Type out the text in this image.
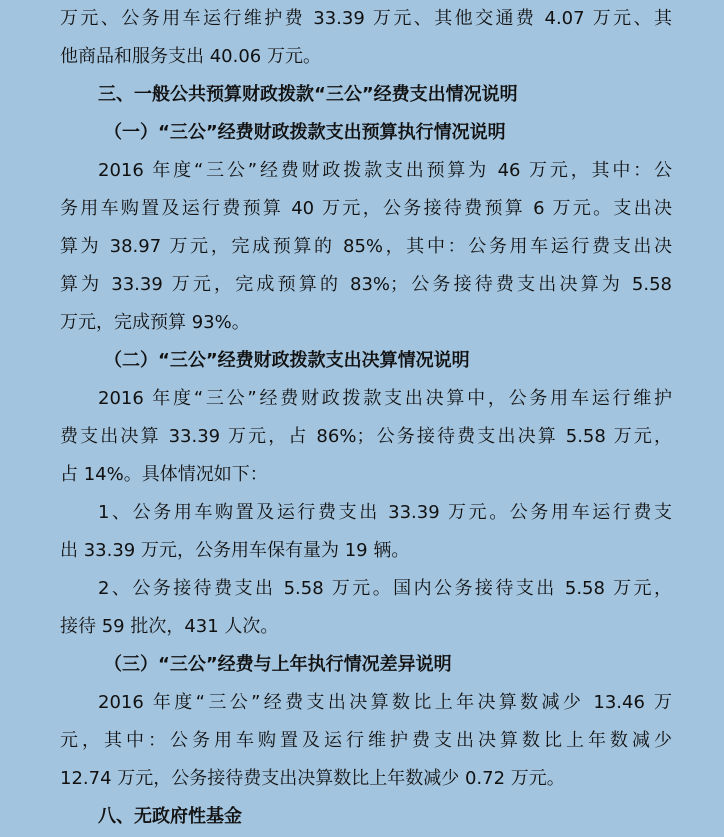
万元、公务用车运行维护费 33.39 万元、其他交通费 4.07 万元、其
他商品和服务支出 40.06 万元。
三、一般公共预算财政拨款“三公”经费支出情况说明
（一）“三公”经费财政拨款支出预算执行情况说明
2016 年度“三公”经费财政拨款支出预算为 46 万元，其中：公
务用车购置及运行费预算 40 万元，公务接待费预算 6 万元。支出决
算为 38.97 万元，完成预算的 85%，其中：公务用车运行费支出决
算为 33.39 万元，完成预算的 83%；公务接待费支出决算为 5.58
万元，完成预算 93%。
（二）“三公”经费财政拨款支出决算情况说明
2016 年度“三公”经费财政拨款支出决算中，公务用车运行维护
费支出决算 33.39 万元，占 86%；公务接待费支出决算 5.58 万元，
占 14%。具体情况如下：
1、公务用车购置及运行费支出 33.39 万元。公务用车运行费支
出 33.39 万元，公务用车保有量为 19 辆。
2、公务接待费支出 5.58 万元。国内公务接待支出 5.58 万元，
接待 59 批次，431 人次。
（三）“三公”经费与上年执行情况差异说明
2016 年度“三公”经费支出决算数比上年决算数减少 13.46 万
元，其中：公务用车购置及运行维护费支出决算数比上年数减少
12.74 万元，公务接待费支出决算数比上年数减少 0.72 万元。
八、无政府性基金
